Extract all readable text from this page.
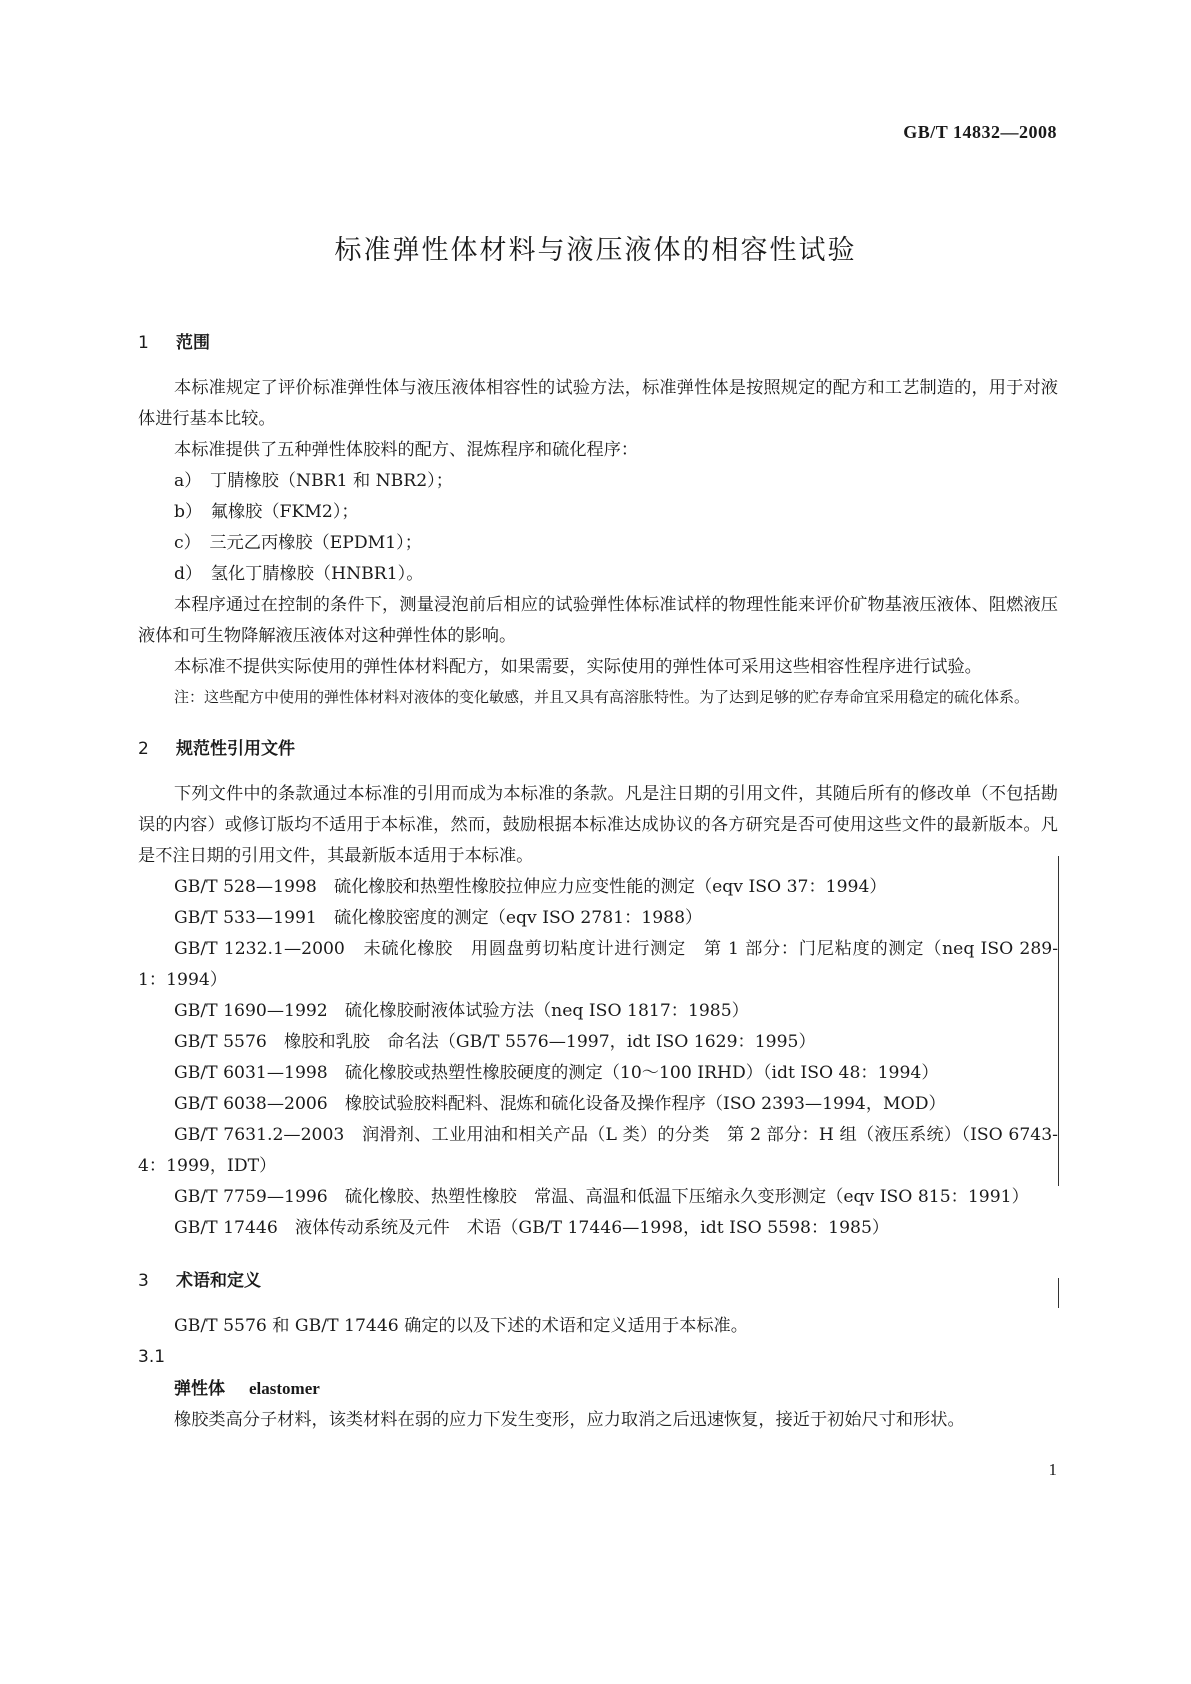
GB/T 14832—2008
标准弹性体材料与液压液体的相容性试验

1 范围

本标准规定了评价标准弹性体与液压液体相容性的试验方法，标准弹性体是按照规定的配方和工艺制造的，用于对液体进行基本比较。

本标准提供了五种弹性体胶料的配方、混炼程序和硫化程序：

a）　丁腈橡胶（NBR1 和 NBR2）；

b）　氟橡胶（FKM2）；

c）　三元乙丙橡胶（EPDM1）；

d）　氢化丁腈橡胶（HNBR1）。

本程序通过在控制的条件下，测量浸泡前后相应的试验弹性体标准试样的物理性能来评价矿物基液压液体、阻燃液压液体和可生物降解液压液体对这种弹性体的影响。

本标准不提供实际使用的弹性体材料配方，如果需要，实际使用的弹性体可采用这些相容性程序进行试验。

注：这些配方中使用的弹性体材料对液体的变化敏感，并且又具有高溶胀特性。为了达到足够的贮存寿命宜采用稳定的硫化体系。

2 规范性引用文件

下列文件中的条款通过本标准的引用而成为本标准的条款。凡是注日期的引用文件，其随后所有的修改单（不包括勘误的内容）或修订版均不适用于本标准，然而，鼓励根据本标准达成协议的各方研究是否可使用这些文件的最新版本。凡是不注日期的引用文件，其最新版本适用于本标准。

GB/T 528—1998　硫化橡胶和热塑性橡胶拉伸应力应变性能的测定（eqv ISO 37：1994）

GB/T 533—1991　硫化橡胶密度的测定（eqv ISO 2781：1988）

GB/T 1232.1—2000　未硫化橡胶　用圆盘剪切粘度计进行测定　第 1 部分：门尼粘度的测定（neq ISO 289-1：1994）

GB/T 1690—1992　硫化橡胶耐液体试验方法（neq ISO 1817：1985）

GB/T 5576　橡胶和乳胶　命名法（GB/T 5576—1997，idt ISO 1629：1995）

GB/T 6031—1998　硫化橡胶或热塑性橡胶硬度的测定（10～100 IRHD）（idt ISO 48：1994）

GB/T 6038—2006　橡胶试验胶料配料、混炼和硫化设备及操作程序（ISO 2393—1994，MOD）

GB/T 7631.2—2003　润滑剂、工业用油和相关产品（L 类）的分类　第 2 部分：H 组（液压系统）（ISO 6743-4：1999，IDT）

GB/T 7759—1996　硫化橡胶、热塑性橡胶　常温、高温和低温下压缩永久变形测定（eqv ISO 815：1991）

GB/T 17446　液体传动系统及元件　术语（GB/T 17446—1998，idt ISO 5598：1985）

3 术语和定义

GB/T 5576 和 GB/T 17446 确定的以及下述的术语和定义适用于本标准。

3.1

弹性体 elastomer

橡胶类高分子材料，该类材料在弱的应力下发生变形，应力取消之后迅速恢复，接近于初始尺寸和形状。

1
